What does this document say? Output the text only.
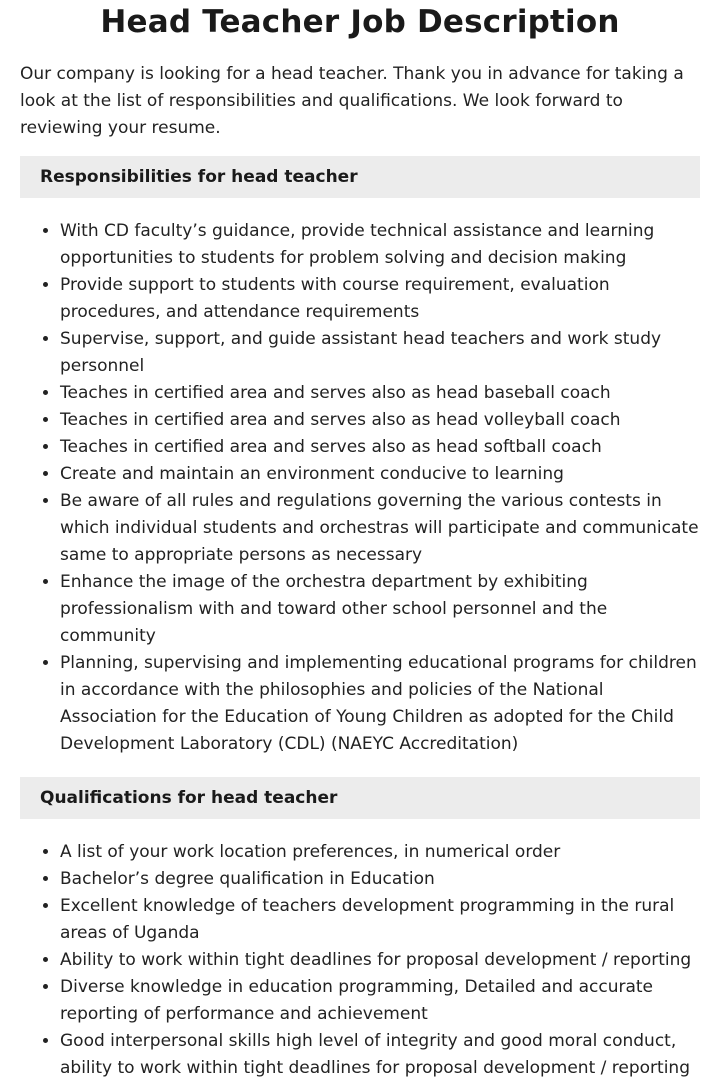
Head Teacher Job Description

Our company is looking for a head teacher. Thank you in advance for taking a look at the list of responsibilities and qualifications. We look forward to reviewing your resume.

Responsibilities for head teacher
• With CD faculty’s guidance, provide technical assistance and learning opportunities to students for problem solving and decision making
• Provide support to students with course requirement, evaluation procedures, and attendance requirements
• Supervise, support, and guide assistant head teachers and work study personnel
• Teaches in certified area and serves also as head baseball coach
• Teaches in certified area and serves also as head volleyball coach
• Teaches in certified area and serves also as head softball coach
• Create and maintain an environment conducive to learning
• Be aware of all rules and regulations governing the various contests in which individual students and orchestras will participate and communicate same to appropriate persons as necessary
• Enhance the image of the orchestra department by exhibiting professionalism with and toward other school personnel and the community
• Planning, supervising and implementing educational programs for children in accordance with the philosophies and policies of the National Association for the Education of Young Children as adopted for the Child Development Laboratory (CDL) (NAEYC Accreditation)
Qualifications for head teacher
• A list of your work location preferences, in numerical order
• Bachelor’s degree qualification in Education
• Excellent knowledge of teachers development programming in the rural areas of Uganda
• Ability to work within tight deadlines for proposal development / reporting
• Diverse knowledge in education programming, Detailed and accurate reporting of performance and achievement
• Good interpersonal skills high level of integrity and good moral conduct, ability to work within tight deadlines for proposal development / reporting
